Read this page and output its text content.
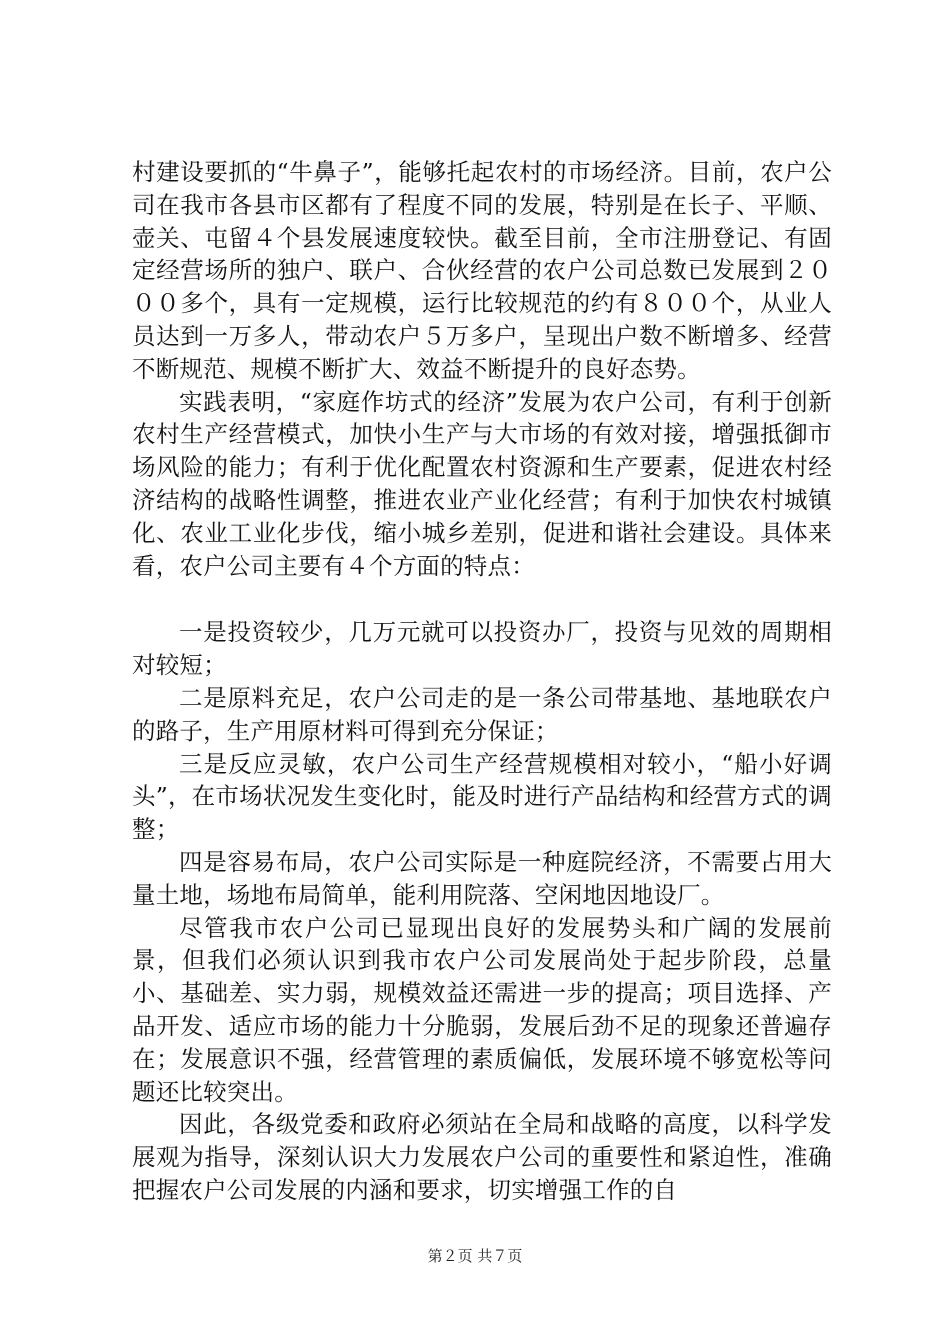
村建设要抓的“牛鼻子”，能够托起农村的市场经济。目前，农户公司在我市各县市区都有了程度不同的发展，特别是在长子、平顺、壶关、屯留４个县发展速度较快。截至目前，全市注册登记、有固定经营场所的独户、联户、合伙经营的农户公司总数已发展到２０００多个，具有一定规模，运行比较规范的约有８００个，从业人员达到一万多人，带动农户５万多户，呈现出户数不断增多、经营不断规范、规模不断扩大、效益不断提升的良好态势。

实践表明，“家庭作坊式的经济”发展为农户公司，有利于创新农村生产经营模式，加快小生产与大市场的有效对接，增强抵御市场风险的能力；有利于优化配置农村资源和生产要素，促进农村经济结构的战略性调整，推进农业产业化经营；有利于加快农村城镇化、农业工业化步伐，缩小城乡差别，促进和谐社会建设。具体来看，农户公司主要有４个方面的特点：

一是投资较少，几万元就可以投资办厂，投资与见效的周期相对较短；

二是原料充足，农户公司走的是一条公司带基地、基地联农户的路子，生产用原材料可得到充分保证；

三是反应灵敏，农户公司生产经营规模相对较小，“船小好调头”，在市场状况发生变化时，能及时进行产品结构和经营方式的调整；

四是容易布局，农户公司实际是一种庭院经济，不需要占用大量土地，场地布局简单，能利用院落、空闲地因地设厂。

尽管我市农户公司已显现出良好的发展势头和广阔的发展前景，但我们必须认识到我市农户公司发展尚处于起步阶段，总量小、基础差、实力弱，规模效益还需进一步的提高；项目选择、产品开发、适应市场的能力十分脆弱，发展后劲不足的现象还普遍存在；发展意识不强，经营管理的素质偏低，发展环境不够宽松等问题还比较突出。

因此，各级党委和政府必须站在全局和战略的高度，以科学发展观为指导，深刻认识大力发展农户公司的重要性和紧迫性，准确把握农户公司发展的内涵和要求，切实增强工作的自

第２页 共７页
